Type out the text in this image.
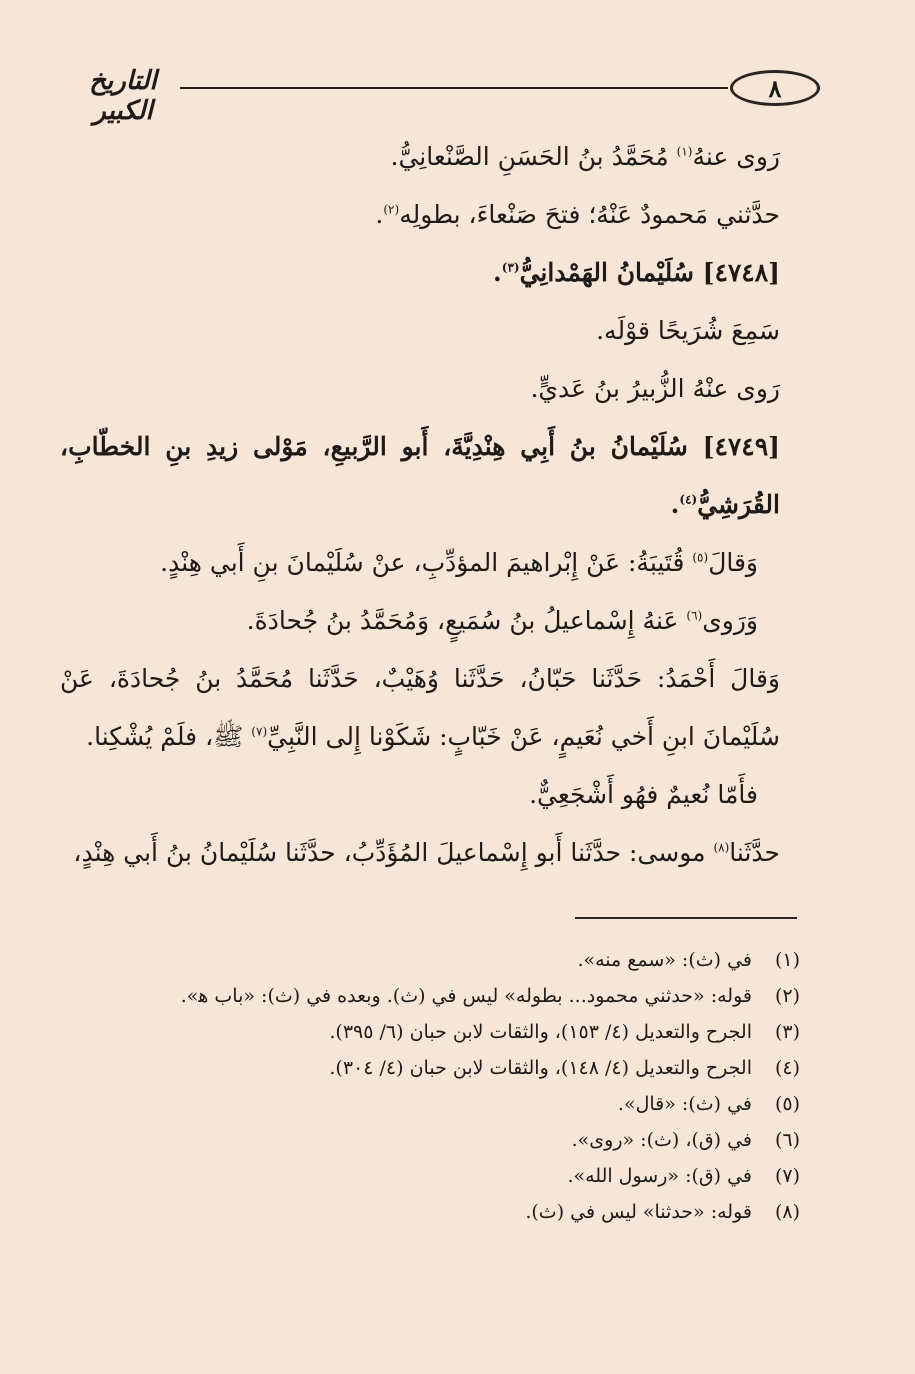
٨
التاريخ الكبير

رَوى عنهُ$^{(١)}$ مُحَمَّدُ بنُ الحَسَنِ الصَّنْعانِيُّ.

حدَّثني مَحمودٌ عَنْهُ؛ فتحَ صَنْعاءَ، بطولِه$^{(٢)}$.

[٤٧٤٨] سُلَيْمانُ الهَمْدانِيُّ$^{(٣)}$.

سَمِعَ شُرَيحًا قوْلَه.

رَوى عنْهُ الزُّبيرُ بنُ عَديٍّ.

[٤٧٤٩] سُلَيْمانُ بنُ أَبِي هِنْدِيَّةَ، أَبو الرَّبيعِ، مَوْلى زيدِ بنِ الخطّابِ، القُرَشِيُّ$^{(٤)}$.

وَقالَ$^{(٥)}$ قُتَيبَةُ: عَنْ إِبْراهيمَ المؤدِّبِ، عنْ سُلَيْمانَ بنِ أَبي هِنْدٍ.

وَرَوى$^{(٦)}$ عَنهُ إِسْماعيلُ بنُ سُمَيعٍ، وَمُحَمَّدُ بنُ جُحادَةَ.

وَقالَ أَحْمَدُ: حَدَّثَنا حَبّانُ، حَدَّثَنا وُهَيْبٌ، حَدَّثَنا مُحَمَّدُ بنُ جُحادَةَ، عَنْ سُلَيْمانَ ابنِ أَخي نُعَيمٍ، عَنْ خَبّابٍ: شَكَوْنا إِلى النَّبِيِّ$^{(٧)}$ ﷺ، فلَمْ يُشْكِنا.

فأَمّا نُعيمٌ فهُو أَشْجَعِيٌّ.

حدَّثَنا$^{(٨)}$ موسى: حدَّثَنا أَبو إِسْماعيلَ المُؤَدِّبُ، حدَّثَنا سُلَيْمانُ بنُ أَبي هِنْدٍ،

(١)
في (ث): «سمع منه».

(٢)
قوله: «حدثني محمود... بطوله» ليس في (ث). وبعده في (ث): «باب ﻫ».

(٣)
الجرح والتعديل (٤/ ١٥٣)، والثقات لابن حبان (٦/ ٣٩٥).

(٤)
الجرح والتعديل (٤/ ١٤٨)، والثقات لابن حبان (٤/ ٣٠٤).

(٥)
في (ث): «قال».

(٦)
في (ق)، (ث): «روى».

(٧)
في (ق): «رسول الله».

(٨)
قوله: «حدثنا» ليس في (ث).
